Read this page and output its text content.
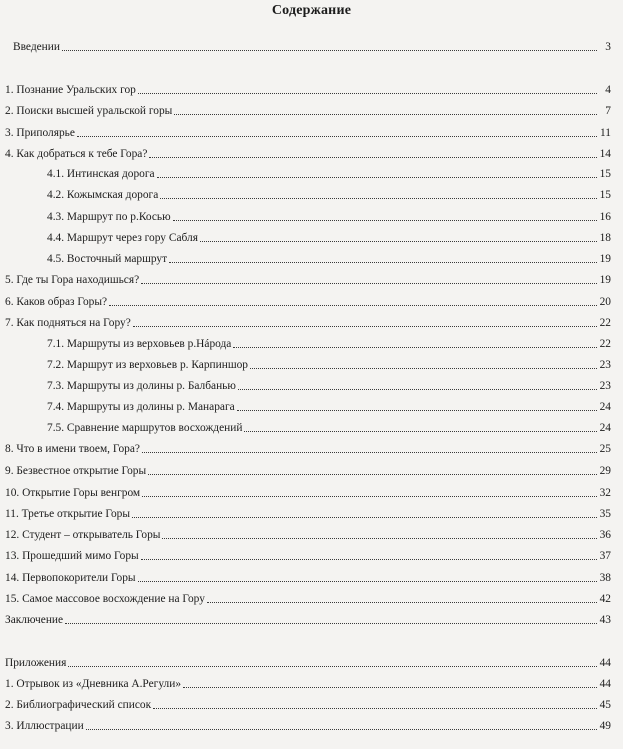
Содержание
Введении	3
1. Познание Уральских гор	4
2. Поиски высшей уральской горы	7
3. Приполярье	11
4. Как добраться к тебе Гора?	14
4.1. Интинская дорога	15
4.2. Кожымская дорога	15
4.3. Маршрут по р.Косью	16
4.4. Маршрут через гору Сабля	18
4.5. Восточный маршрут	19
5. Где ты Гора находишься?	19
6. Каков образ Горы?	20
7. Как подняться на Гору?	22
7.1. Маршруты из верховьев р.Нáрода	22
7.2. Маршрут из верховьев р. Карпиншор	23
7.3. Маршруты из долины р. Балбанью	23
7.4. Маршруты из долины р. Манарага	24
7.5. Сравнение маршрутов восхождений	24
8. Что в имени твоем, Гора?	25
9. Безвестное открытие Горы	29
10. Открытие Горы венгром	32
11. Третье открытие Горы	35
12. Студент – открыватель Горы	36
13. Прошедший мимо Горы	37
14. Первопокорители Горы	38
15. Самое массовое восхождение на Гору	42
Заключение	43
Приложения	44
1. Отрывок из «Дневника А.Регули»	44
2. Библиографический список	45
3. Иллюстрации	49
